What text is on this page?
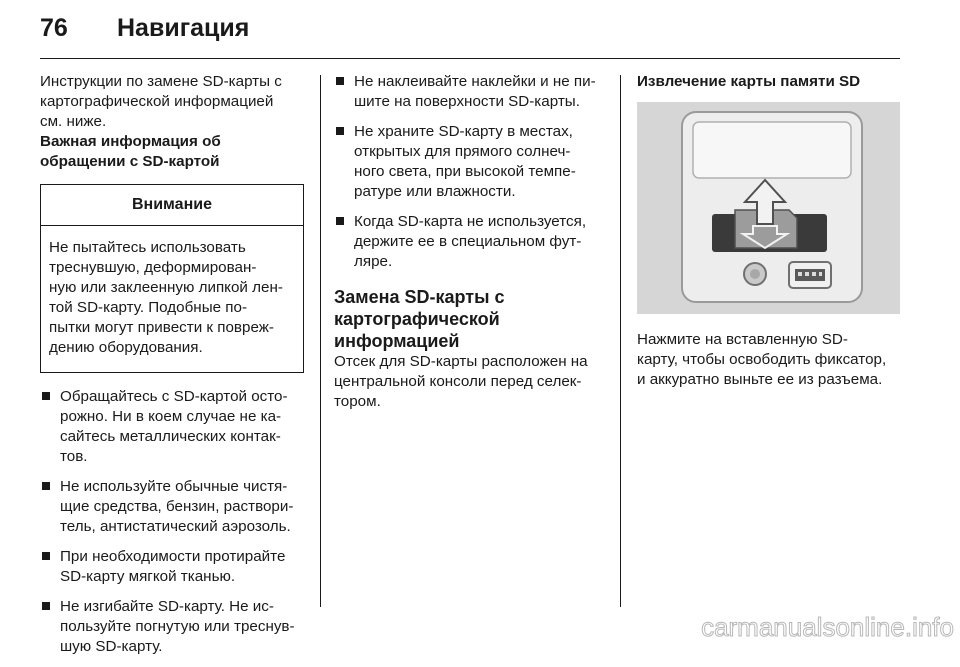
76 Навигация

Инструкции по замене SD-карты с
картографической информацией
см. ниже.

Важная информация об
обращении с SD-картой

Внимание
Не пытайтесь использовать
треснувшую, деформирован-
ную или заклеенную липкой лен-
той SD-карту. Подобные по-
пытки могут привести к повреж-
дению оборудования.
Обращайтесь с SD-картой осто-
рожно. Ни в коем случае не ка-
сайтесь металлических контак-
тов.
Не используйте обычные чистя-
щие средства, бензин, раствори-
тель, антистатический аэрозоль.
При необходимости протирайте
SD-карту мягкой тканью.
Не изгибайте SD-карту. Не ис-
пользуйте погнутую или треснув-
шую SD-карту.
Не наклеивайте наклейки и не пи-
шите на поверхности SD-карты.
Не храните SD-карту в местах,
открытых для прямого солнеч-
ного света, при высокой темпе-
ратуре или влажности.
Когда SD-карта не используется,
держите ее в специальном фут-
ляре.
Замена SD-карты с
картографической
информацией

Отсек для SD-карты расположен на
центральной консоли перед селек-
тором.

Извлечение карты памяти SD

Нажмите на вставленную SD-
карту, чтобы освободить фиксатор,
и аккуратно выньте ее из разъема.

carmanualsonline.info
